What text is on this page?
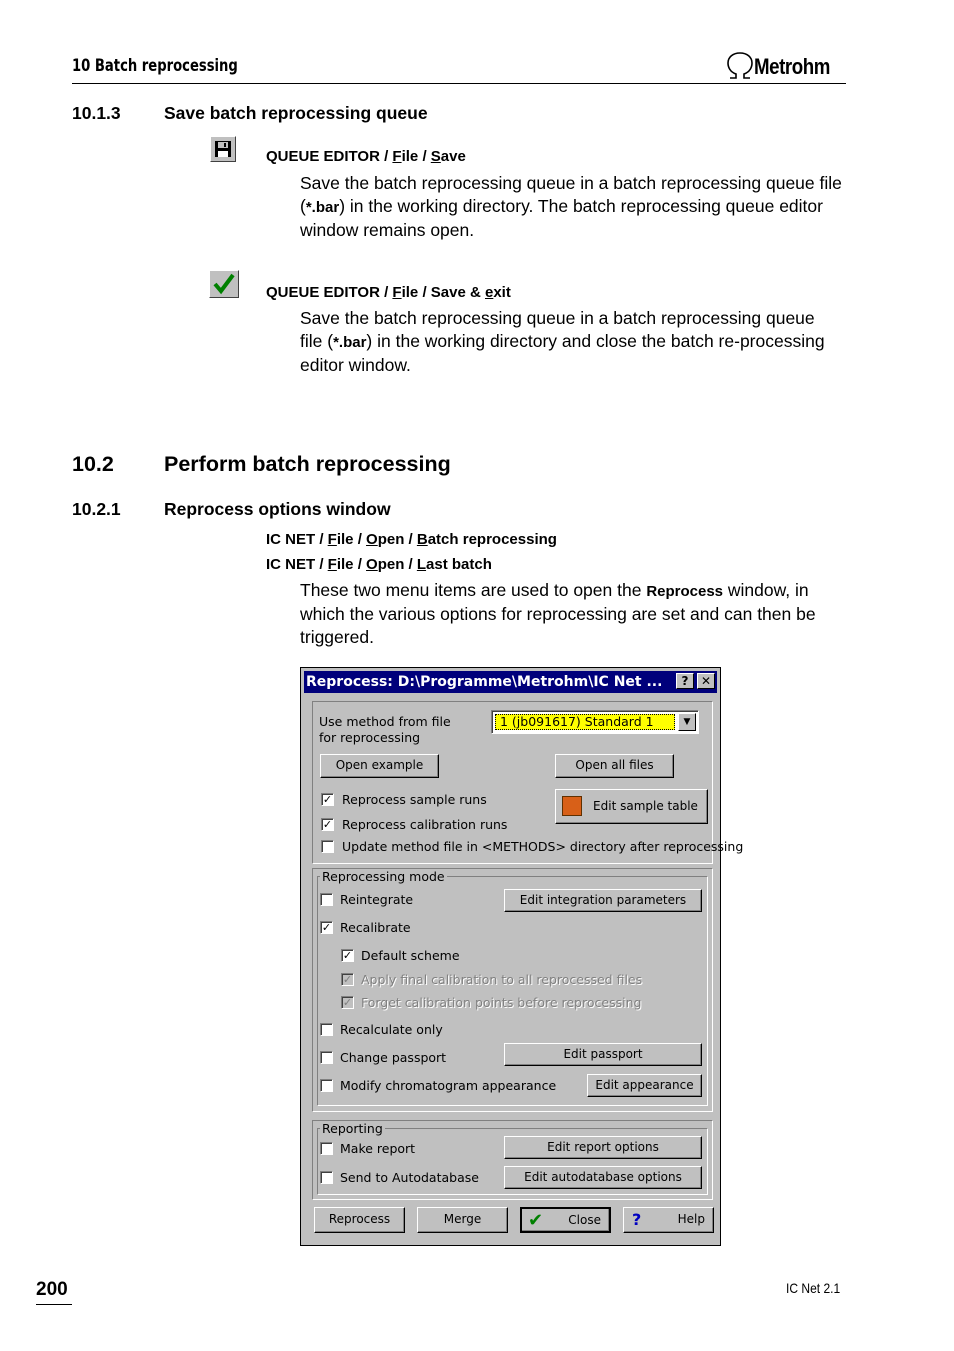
10 Batch reprocessing	Metrohm
10.1.3 Save batch reprocessing queue
QUEUE EDITOR / File / Save
Save the batch reprocessing queue in a batch reprocessing queue file (*.bar) in the working directory. The batch reprocessing queue editor window remains open.
QUEUE EDITOR / File / Save & exit
Save the batch reprocessing queue in a batch reprocessing queue file (*.bar) in the working directory and close the batch re-processing editor window.
10.2 Perform batch reprocessing
10.2.1 Reprocess options window
IC NET / File / Open / Batch reprocessing
IC NET / File / Open / Last batch
These two menu items are used to open the Reprocess window, in which the various options for reprocessing are set and can then be triggered.
Reprocess: D:\Programme\Metrohm\IC Net ...	?	✕
Use method from file
for reprocessing
1 (jb091617) Standard 1	▼
Open example	Open all files
✓ Reprocess sample runs	Edit sample table
✓ Reprocess calibration runs
Update method file in <METHODS> directory after reprocessing
Reprocessing mode
Reintegrate	Edit integration parameters
✓ Recalibrate
✓ Default scheme
✓ Apply final calibration to all reprocessed files
✓ Forget calibration points before reprocessing
Recalculate only
Change passport	Edit passport
Modify chromatogram appearance	Edit appearance
Reporting
Make report	Edit report options
Send to Autodatabase	Edit autodatabase options
Reprocess	Merge	✔ Close	?	Help
200	IC Net 2.1
